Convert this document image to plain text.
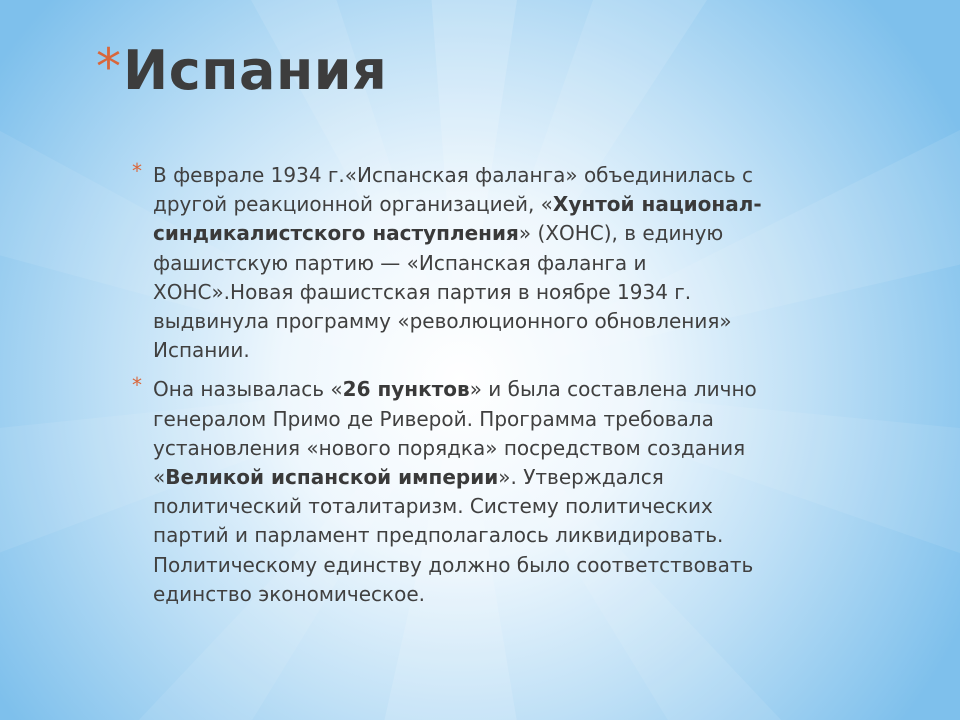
* Испания
* В феврале 1934 г.«Испанская фаланга» объединилась с другой реакционной организацией, «Хунтой национал-синдикалистского наступления» (ХОНС), в единую фашистскую партию — «Испанская фаланга и ХОНС».Новая фашистская партия в ноябре 1934 г. выдвинула программу «революционного обновления» Испании.
* Она называлась «26 пунктов» и была составлена лично генералом Примо де Риверой. Программа требовала установления «нового порядка» посредством создания «Великой испанской империи». Утверждался политический тоталитаризм. Систему политических партий и парламент предполагалось ликвидировать. Политическому единству должно было соответствовать единство экономическое.
